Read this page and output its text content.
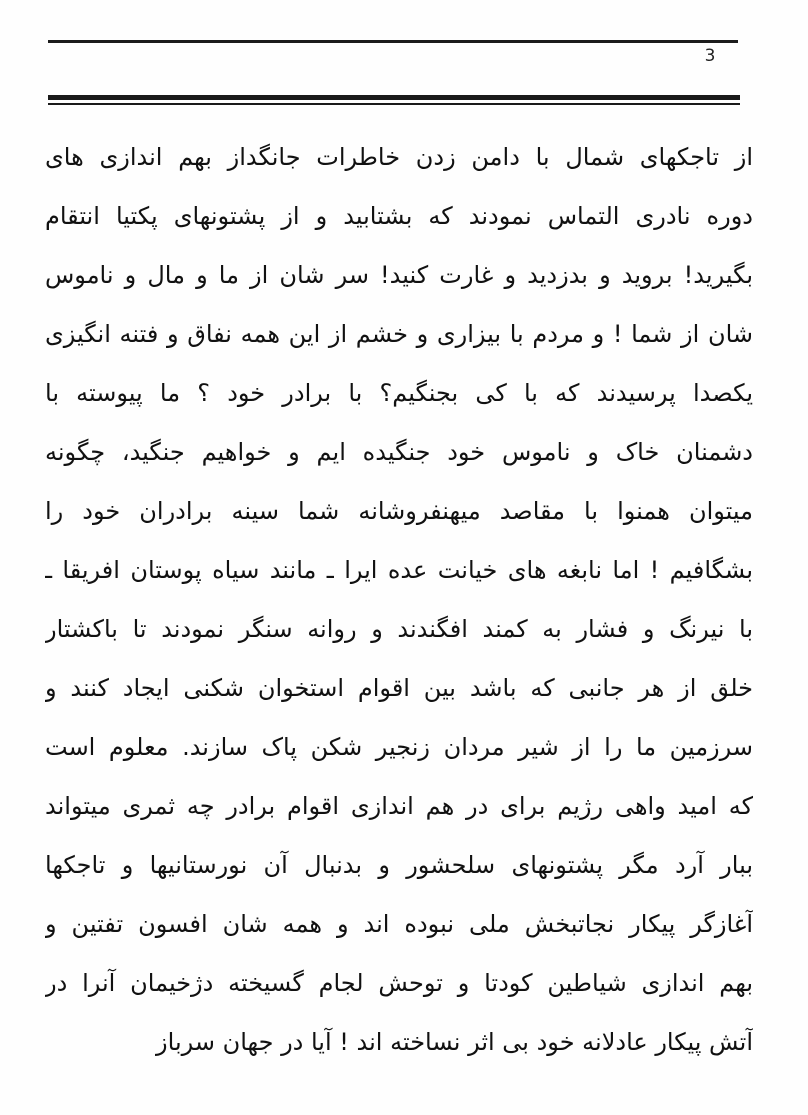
3
از تاجکهای شمال با دامن زدن خاطرات جانگداز بهم اندازی های
دوره نادری التماس نمودند که بشتابید و از پشتونهای پکتیا انتقام
بگیرید! بروید و بدزدید و غارت کنید! سر شان از ما و مال و ناموس
شان از شما ! و مردم با بیزاری و خشم از این همه نفاق و فتنه انگیزی
یکصدا پرسیدند که با کی بجنگیم؟ با برادر خود ؟ ما پیوسته با
دشمنان خاک و ناموس خود جنگیده ایم و خواهیم جنگید، چگونه
میتوان همنوا با مقاصد میهنفروشانه شما سینه برادران خود را
بشگافیم ! اما نابغه های خیانت عده ایرا ـ مانند سیاه پوستان افریقا ـ
با نیرنگ و فشار به کمند افگندند و روانه سنگر نمودند تا باکشتار
خلق از هر جانبی که باشد بین اقوام استخوان شکنی ایجاد کنند و
سرزمین ما را از شیر مردان زنجیر شکن پاک سازند. معلوم است
که امید واهی رژیم برای در هم اندازی اقوام برادر چه ثمری میتواند
ببار آرد مگر پشتونهای سلحشور و بدنبال آن نورستانیها و تاجکها
آغازگر پیکار نجاتبخش ملی نبوده اند و همه شان افسون تفتین و
بهم اندازی شیاطین کودتا و توحش لجام گسیخته دژخیمان آنرا در
آتش پیکار عادلانه خود بی اثر نساخته اند ! آیا در جهان سرباز
